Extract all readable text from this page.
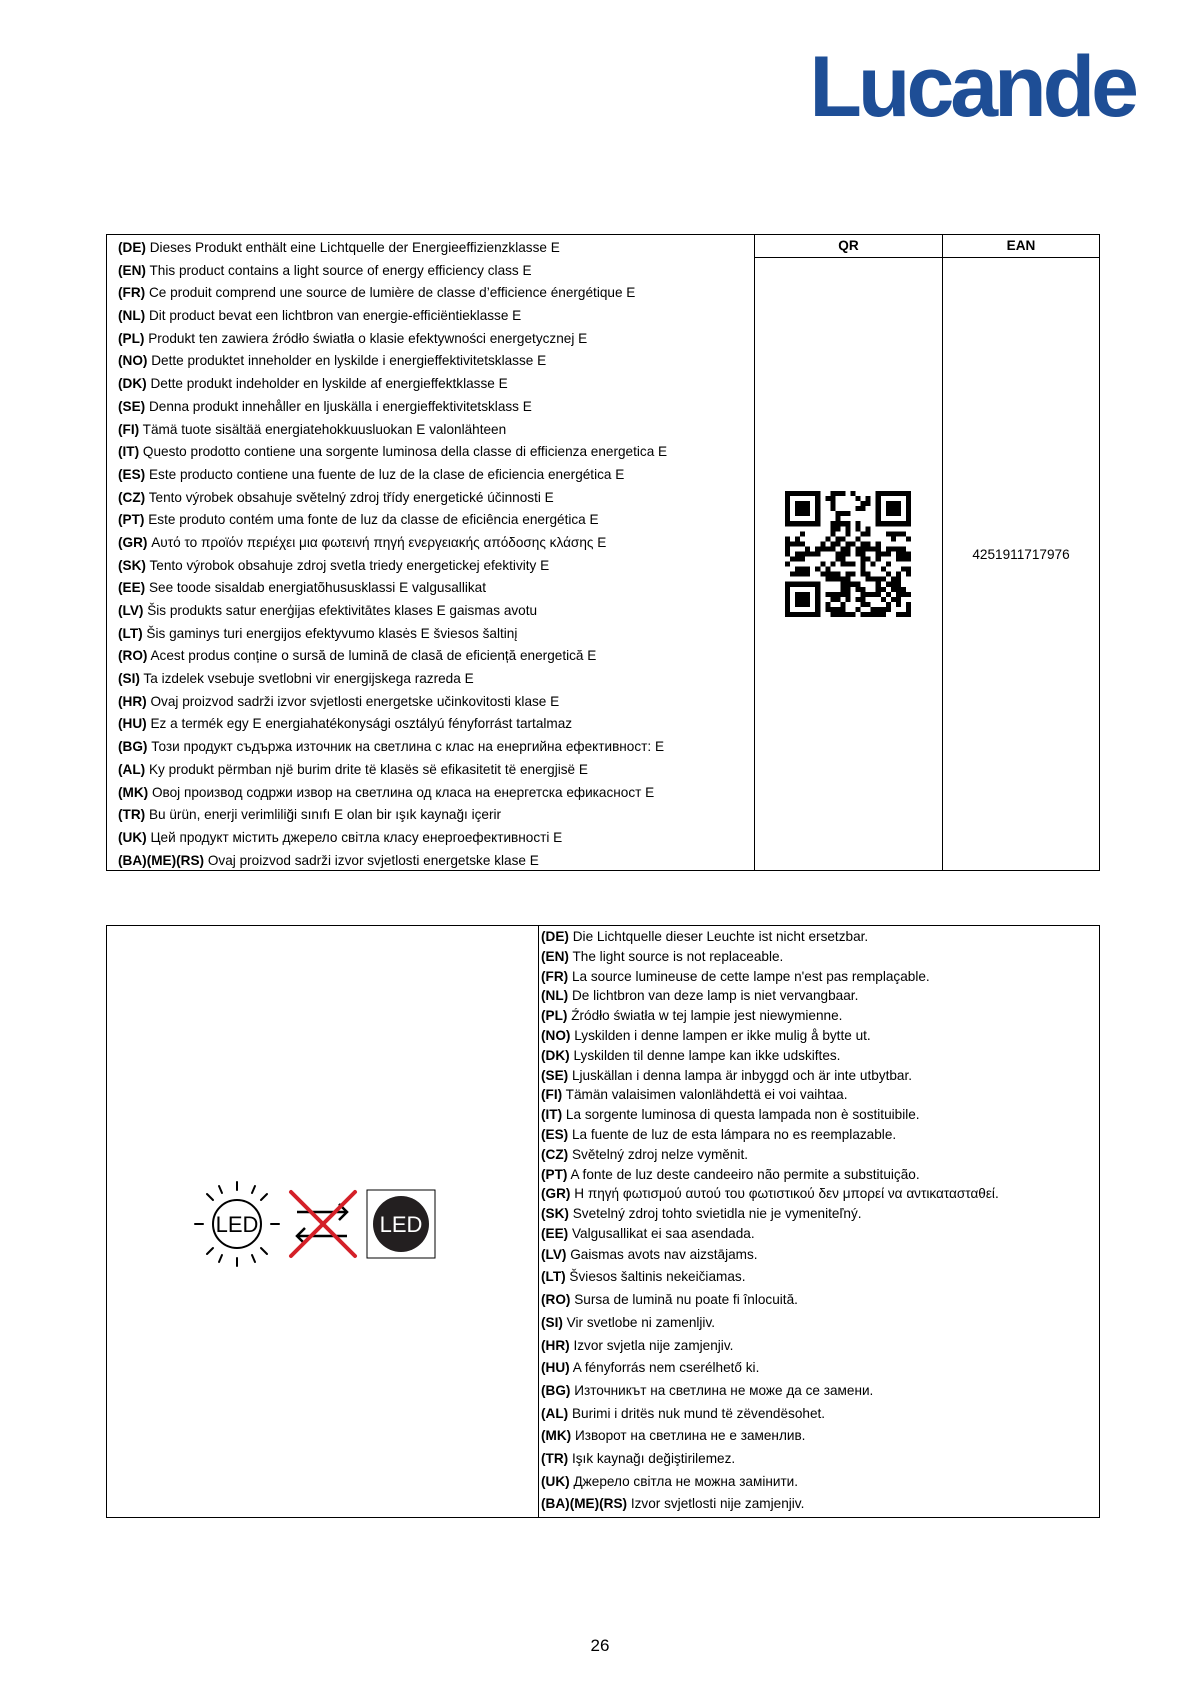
Lucande
(DE) Dieses Produkt enthält eine Lichtquelle der Energieeffizienzklasse E
(EN) This product contains a light source of energy efficiency class E
(FR) Ce produit comprend une source de lumière de classe d’efficience énergétique E
(NL) Dit product bevat een lichtbron van energie-efficiëntieklasse E
(PL) Produkt ten zawiera źródło światła o klasie efektywności energetycznej E
(NO) Dette produktet inneholder en lyskilde i energieffektivitetsklasse E
(DK) Dette produkt indeholder en lyskilde af energieffektklasse E
(SE) Denna produkt innehåller en ljuskälla i energieffektivitetsklass E
(FI) Tämä tuote sisältää energiatehokkuusluokan E valonlähteen
(IT) Questo prodotto contiene una sorgente luminosa della classe di efficienza energetica E
(ES) Este producto contiene una fuente de luz de la clase de eficiencia energética E
(CZ) Tento výrobek obsahuje světelný zdroj třídy energetické účinnosti E
(PT) Este produto contém uma fonte de luz da classe de eficiência energética E
(GR) Αυτό το προϊόν περιέχει μια φωτεινή πηγή ενεργειακής απόδοσης κλάσης E
(SK) Tento výrobok obsahuje zdroj svetla triedy energetickej efektivity E
(EE) See toode sisaldab energiatõhususklassi E valgusallikat
(LV) Šis produkts satur enerģijas efektivitātes klases E gaismas avotu
(LT) Šis gaminys turi energijos efektyvumo klasės E šviesos šaltinį
(RO) Acest produs conține o sursă de lumină de clasă de eficiență energetică E
(SI) Ta izdelek vsebuje svetlobni vir energijskega razreda E
(HR) Ovaj proizvod sadrži izvor svjetlosti energetske učinkovitosti klase E
(HU) Ez a termék egy E energiahatékonysági osztályú fényforrást tartalmaz
(BG) Този продукт съдържа източник на светлина с клас на енергийна ефективност: E
(AL) Ky produkt përmban një burim drite të klasës së efikasitetit të energjisë E
(MK) Овој производ содржи извор на светлина од класа на енергетска ефикасност E
(TR) Bu ürün, enerji verimliliği sınıfı E olan bir ışık kaynağı içerir
(UK) Цей продукт містить джерело світла класу енергоефективності E
(BA)(ME)(RS) Ovaj proizvod sadrži izvor svjetlosti energetske klase E
QR	EAN
4251911717976
LED	LED
(DE) Die Lichtquelle dieser Leuchte ist nicht ersetzbar.
(EN) The light source is not replaceable.
(FR) La source lumineuse de cette lampe n'est pas remplaçable.
(NL) De lichtbron van deze lamp is niet vervangbaar.
(PL) Źródło światła w tej lampie jest niewymienne.
(NO) Lyskilden i denne lampen er ikke mulig å bytte ut.
(DK) Lyskilden til denne lampe kan ikke udskiftes.
(SE) Ljuskällan i denna lampa är inbyggd och är inte utbytbar.
(FI) Tämän valaisimen valonlähdettä ei voi vaihtaa.
(IT) La sorgente luminosa di questa lampada non è sostituibile.
(ES) La fuente de luz de esta lámpara no es reemplazable.
(CZ) Světelný zdroj nelze vyměnit.
(PT) A fonte de luz deste candeeiro não permite a substituição.
(GR) Η πηγή φωτισμού αυτού του φωτιστικού δεν μπορεί να αντικατασταθεί.
(SK) Svetelný zdroj tohto svietidla nie je vymeniteľný.
(EE) Valgusallikat ei saa asendada.
(LV) Gaismas avots nav aizstājams.
(LT) Šviesos šaltinis nekeičiamas.
(RO) Sursa de lumină nu poate fi înlocuită.
(SI) Vir svetlobe ni zamenljiv.
(HR) Izvor svjetla nije zamjenjiv.
(HU) A fényforrás nem cserélhető ki.
(BG) Източникът на светлина не може да се замени.
(AL) Burimi i dritës nuk mund të zëvendësohet.
(MK) Изворот на светлина не е заменлив.
(TR) Işık kaynağı değiştirilemez.
(UK) Джерело світла не можна замінити.
(BA)(ME)(RS) Izvor svjetlosti nije zamjenjiv.
26
